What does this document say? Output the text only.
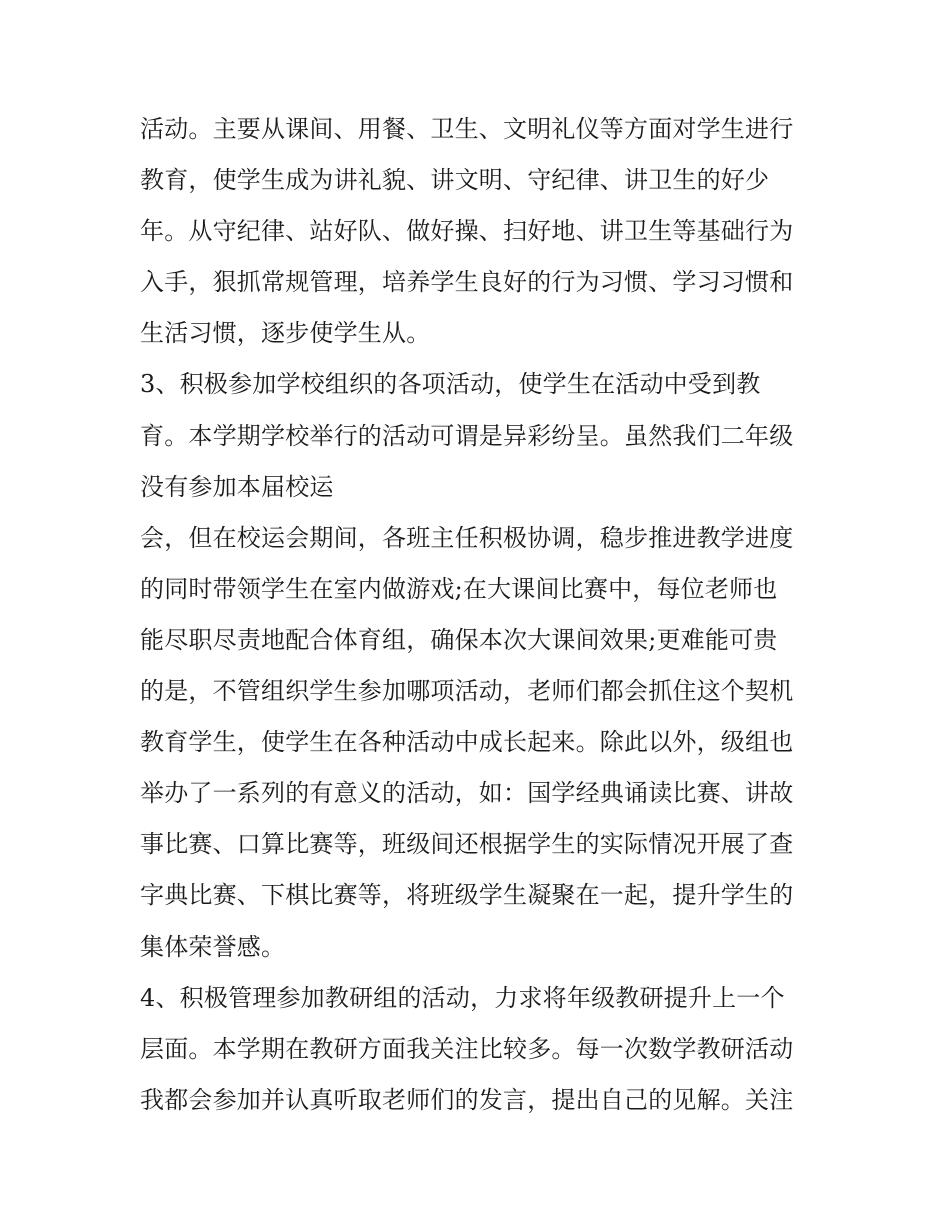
活动。主要从课间、用餐、卫生、文明礼仪等方面对学生进行
教育，使学生成为讲礼貌、讲文明、守纪律、讲卫生的好少
年。从守纪律、站好队、做好操、扫好地、讲卫生等基础行为
入手，狠抓常规管理，培养学生良好的行为习惯、学习习惯和
生活习惯，逐步使学生从。
3、积极参加学校组织的各项活动，使学生在活动中受到教
育。本学期学校举行的活动可谓是异彩纷呈。虽然我们二年级
没有参加本届校运
会，但在校运会期间，各班主任积极协调，稳步推进教学进度
的同时带领学生在室内做游戏;在大课间比赛中，每位老师也
能尽职尽责地配合体育组，确保本次大课间效果;更难能可贵
的是，不管组织学生参加哪项活动，老师们都会抓住这个契机
教育学生，使学生在各种活动中成长起来。除此以外，级组也
举办了一系列的有意义的活动，如：国学经典诵读比赛、讲故
事比赛、口算比赛等，班级间还根据学生的实际情况开展了查
字典比赛、下棋比赛等，将班级学生凝聚在一起，提升学生的
集体荣誉感。
4、积极管理参加教研组的活动，力求将年级教研提升上一个
层面。本学期在教研方面我关注比较多。每一次数学教研活动
我都会参加并认真听取老师们的发言，提出自己的见解。关注
